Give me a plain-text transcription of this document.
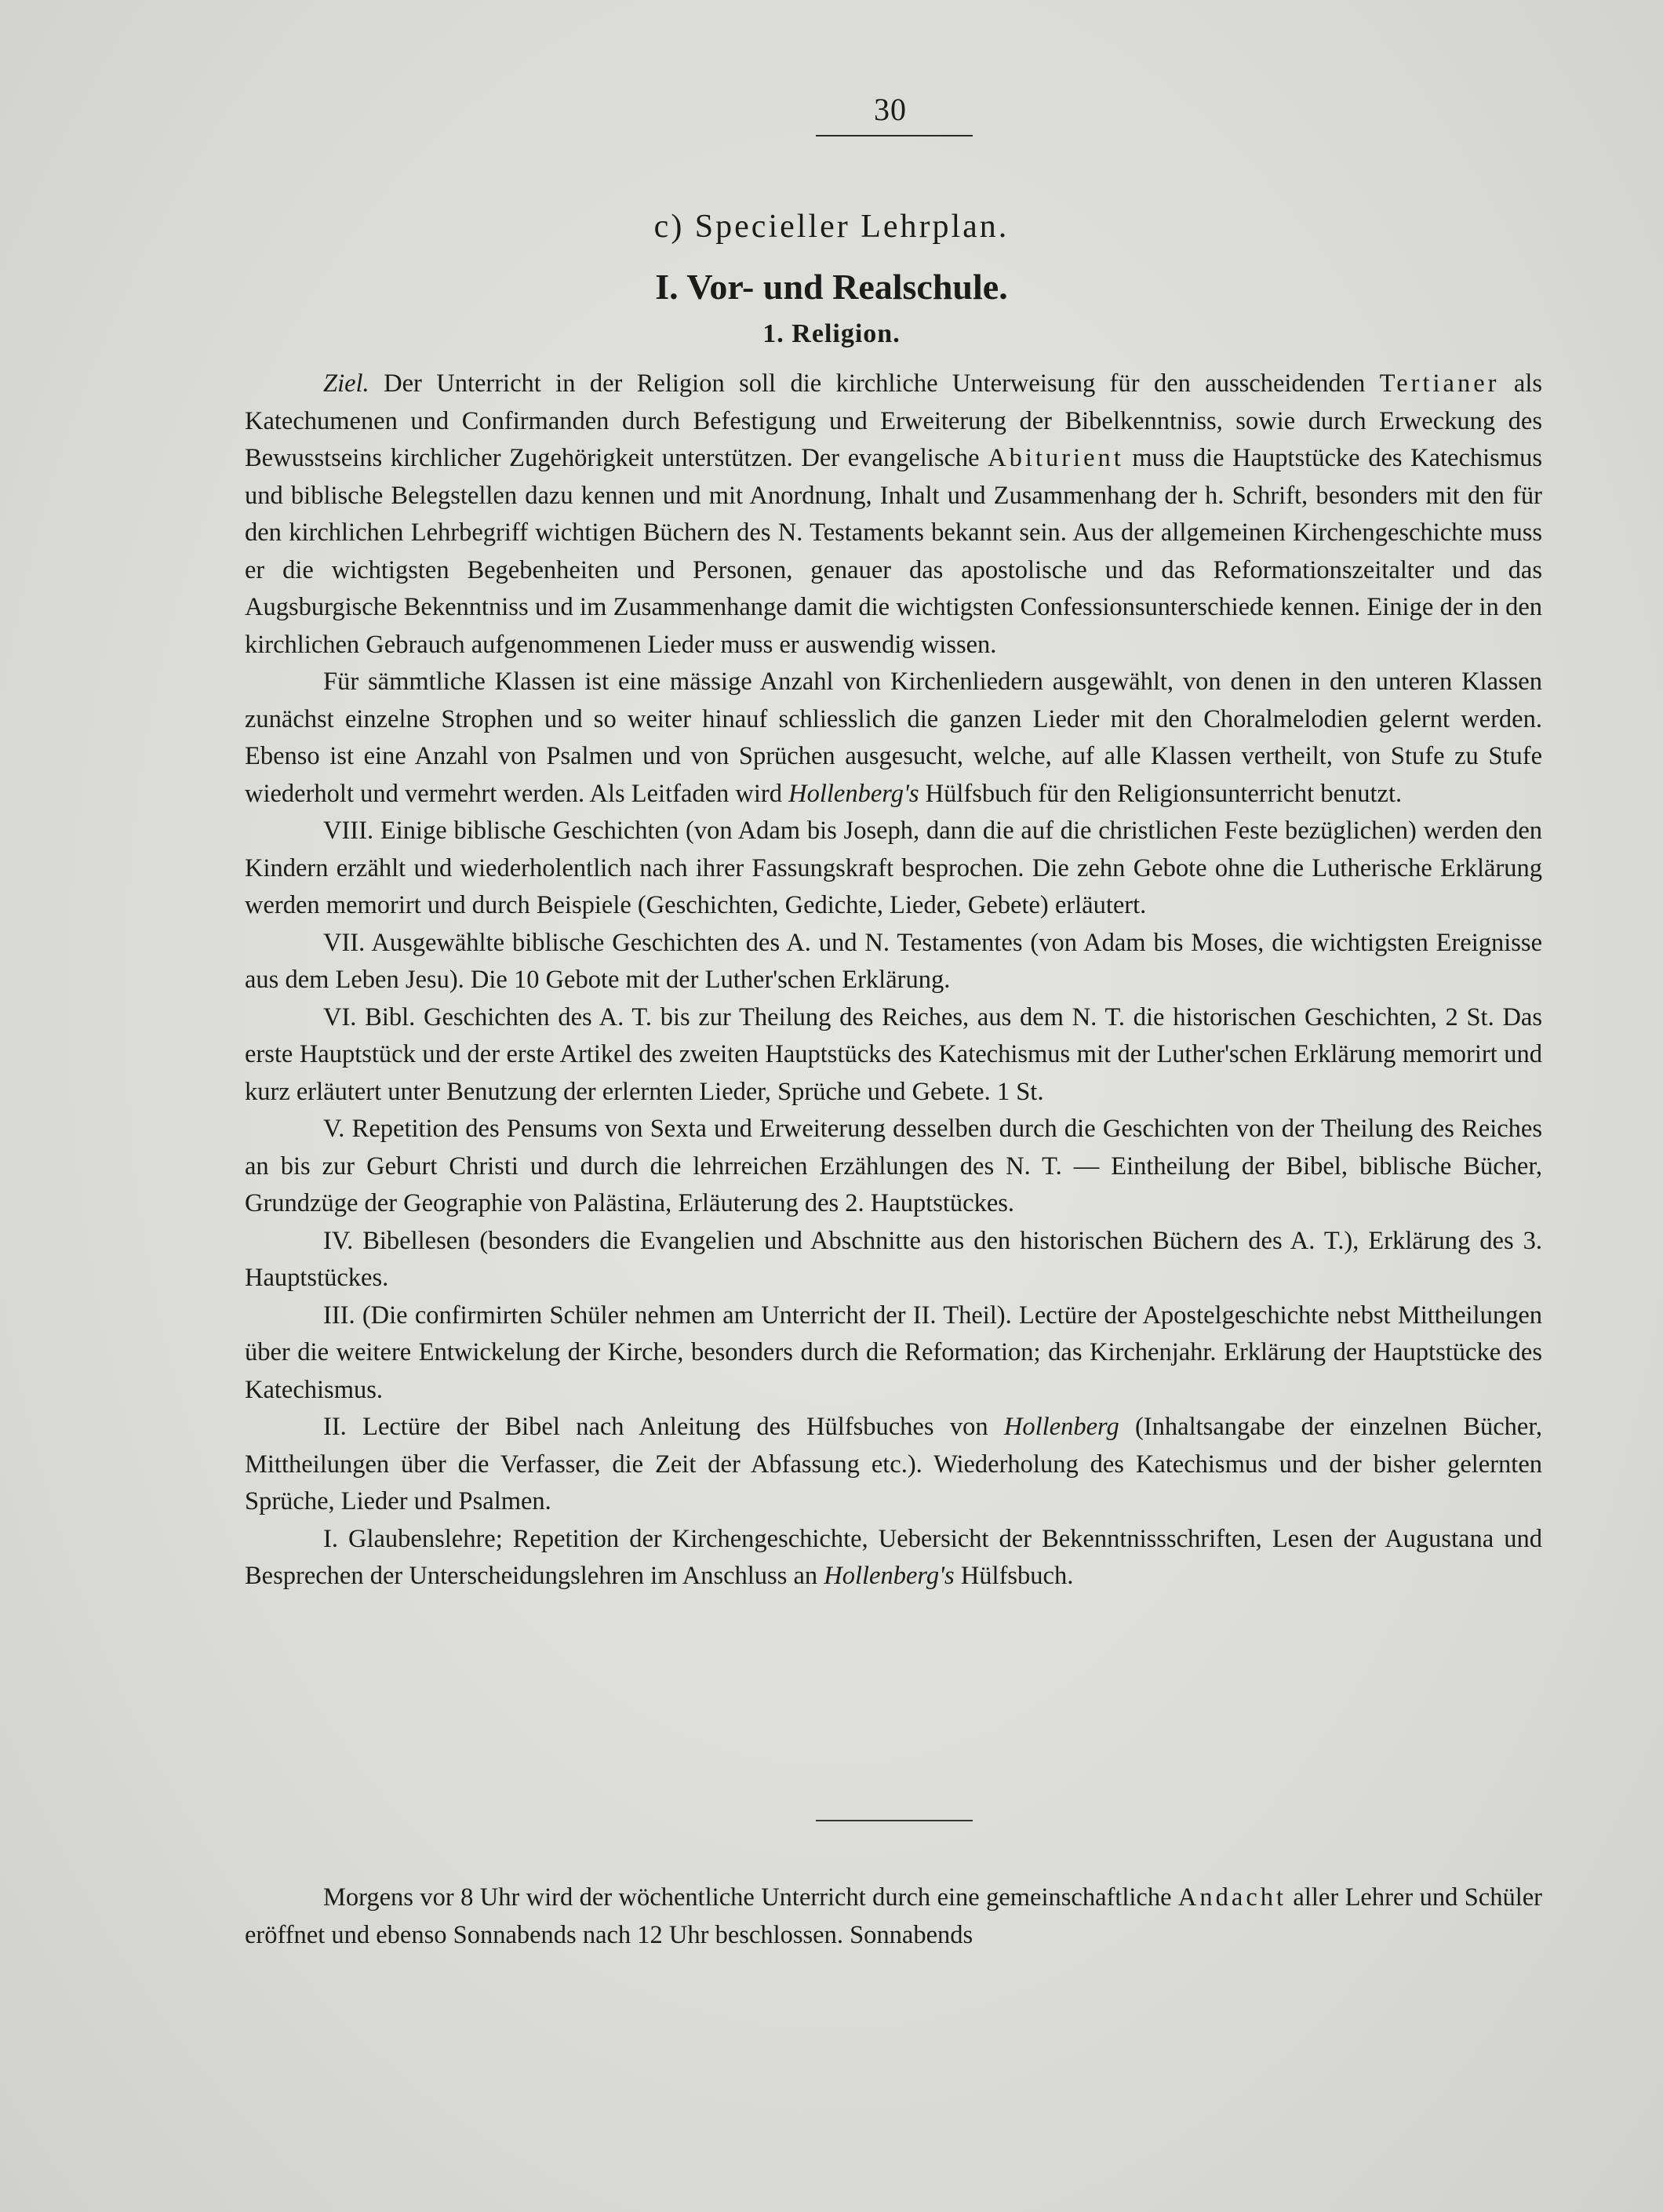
30
c) Specieller Lehrplan.
I. Vor- und Realschule.
1. Religion.

Ziel. Der Unterricht in der Religion soll die kirchliche Unterweisung für den ausscheidenden Tertianer als Katechumenen und Confirmanden durch Befestigung und Erweiterung der Bibelkenntniss, sowie durch Erweckung des Bewusstseins kirchlicher Zugehörigkeit unterstützen. Der evangelische Abiturient muss die Hauptstücke des Katechismus und biblische Belegstellen dazu kennen und mit Anordnung, Inhalt und Zusammenhang der h. Schrift, besonders mit den für den kirchlichen Lehrbegriff wichtigen Büchern des N. Testaments bekannt sein. Aus der allgemeinen Kirchengeschichte muss er die wichtigsten Begebenheiten und Personen, genauer das apostolische und das Reformationszeitalter und das Augsburgische Bekenntniss und im Zusammenhange damit die wichtigsten Confessionsunterschiede kennen. Einige der in den kirchlichen Gebrauch aufgenommenen Lieder muss er auswendig wissen.

Für sämmtliche Klassen ist eine mässige Anzahl von Kirchenliedern ausgewählt, von denen in den unteren Klassen zunächst einzelne Strophen und so weiter hinauf schliesslich die ganzen Lieder mit den Choralmelodien gelernt werden. Ebenso ist eine Anzahl von Psalmen und von Sprüchen ausgesucht, welche, auf alle Klassen vertheilt, von Stufe zu Stufe wiederholt und vermehrt werden. Als Leitfaden wird Hollenberg's Hülfsbuch für den Religionsunterricht benutzt.

VIII. Einige biblische Geschichten (von Adam bis Joseph, dann die auf die christlichen Feste bezüglichen) werden den Kindern erzählt und wiederholentlich nach ihrer Fassungskraft besprochen. Die zehn Gebote ohne die Lutherische Erklärung werden memorirt und durch Beispiele (Geschichten, Gedichte, Lieder, Gebete) erläutert.

VII. Ausgewählte biblische Geschichten des A. und N. Testamentes (von Adam bis Moses, die wichtigsten Ereignisse aus dem Leben Jesu). Die 10 Gebote mit der Luther'schen Erklärung.

VI. Bibl. Geschichten des A. T. bis zur Theilung des Reiches, aus dem N. T. die historischen Geschichten, 2 St. Das erste Hauptstück und der erste Artikel des zweiten Hauptstücks des Katechismus mit der Luther'schen Erklärung memorirt und kurz erläutert unter Benutzung der erlernten Lieder, Sprüche und Gebete. 1 St.

V. Repetition des Pensums von Sexta und Erweiterung desselben durch die Geschichten von der Theilung des Reiches an bis zur Geburt Christi und durch die lehrreichen Erzählungen des N. T. — Eintheilung der Bibel, biblische Bücher, Grundzüge der Geographie von Palästina, Erläuterung des 2. Hauptstückes.

IV. Bibellesen (besonders die Evangelien und Abschnitte aus den historischen Büchern des A. T.), Erklärung des 3. Hauptstückes.

III. (Die confirmirten Schüler nehmen am Unterricht der II. Theil). Lectüre der Apostelgeschichte nebst Mittheilungen über die weitere Entwickelung der Kirche, besonders durch die Reformation; das Kirchenjahr. Erklärung der Hauptstücke des Katechismus.

II. Lectüre der Bibel nach Anleitung des Hülfsbuches von Hollenberg (Inhaltsangabe der einzelnen Bücher, Mittheilungen über die Verfasser, die Zeit der Abfassung etc.). Wiederholung des Katechismus und der bisher gelernten Sprüche, Lieder und Psalmen.

I. Glaubenslehre; Repetition der Kirchengeschichte, Uebersicht der Bekenntnissschriften, Lesen der Augustana und Besprechen der Unterscheidungslehren im Anschluss an Hollenberg's Hülfsbuch.

Morgens vor 8 Uhr wird der wöchentliche Unterricht durch eine gemeinschaftliche Andacht aller Lehrer und Schüler eröffnet und ebenso Sonnabends nach 12 Uhr beschlossen. Sonnabends
